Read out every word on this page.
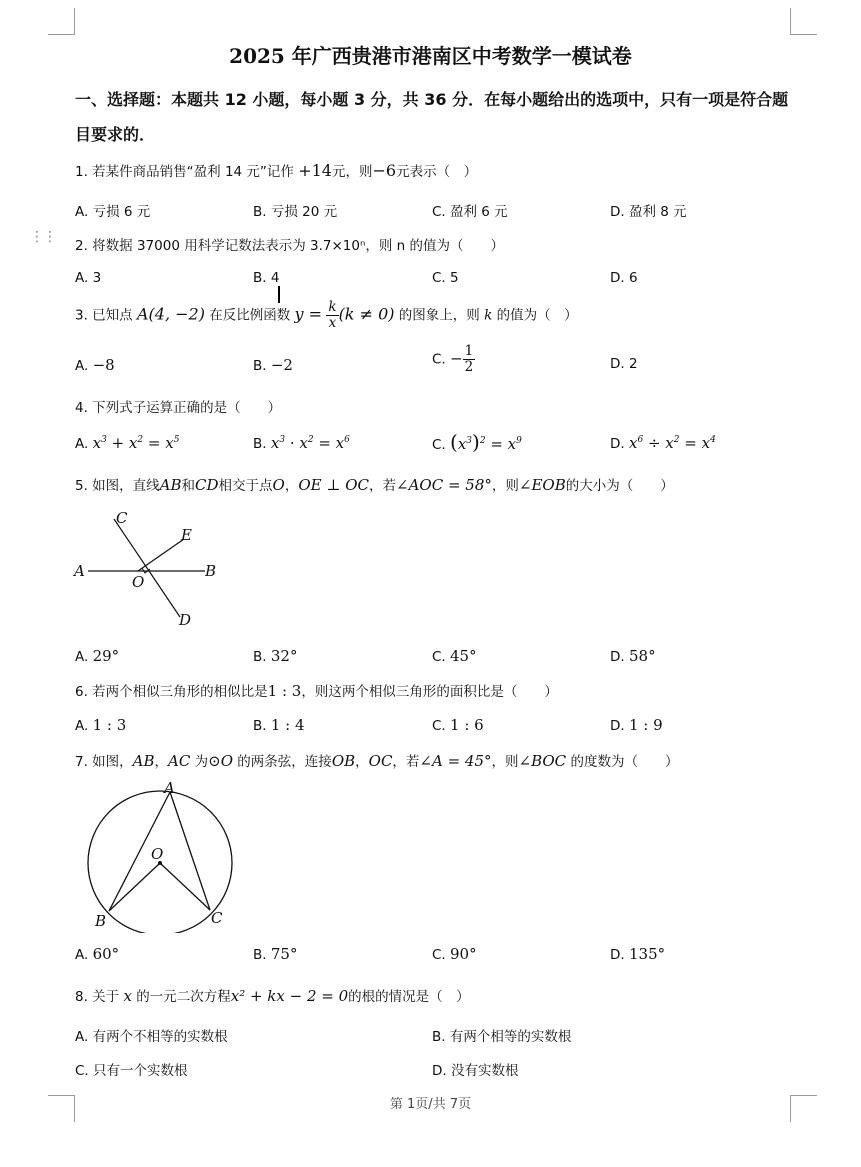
⋮⋮
2025 年广西贵港市港南区中考数学一模试卷
一、选择题：本题共 12 小题，每小题 3 分，共 36 分．在每小题给出的选项中，只有一项是符合题目要求的．
1. 若某件商品销售“盈利 14 元”记作 +14元，则−6元表示（　）
A. 亏损 6 元	B. 亏损 20 元	C. 盈利 6 元	D. 盈利 8 元
2. 将数据 37000 用科学记数法表示为 3.7×10ⁿ，则 n 的值为（　　）
A. 3	B. 4	C. 5	D. 6
3. 已知点 A(4, −2) 在反比例函数 $y = \frac{k}{x} (k \ne 0)$ 的图象上，则 k 的值为（　）
A. −8	B. −2	C. − $\frac{1}{2}$	D. 2
4. 下列式子运算正确的是（　　）
A. $x^3 + x^2 = x^5$	B. $x^3 \cdot x^2 = x^6$	C. $(x^3)^2 = x^9$	D. $x^6 \div x^2 = x^4$
5. 如图，直线AB和CD相交于点O，OE ⊥ OC，若∠AOC = 58°，则∠EOB的大小为（　　）
C
E
A	B
O
D
A. 29°	B. 32°	C. 45°	D. 58°
6. 若两个相似三角形的相似比是1 : 3，则这两个相似三角形的面积比是（　　）
A. 1 : 3	B. 1 : 4	C. 1 : 6	D. 1 : 9
7. 如图，AB，AC 为⊙O 的两条弦，连接OB，OC，若∠A = 45°，则∠BOC 的度数为（　　）
A
O
B	C
A. 60°	B. 75°	C. 90°	D. 135°
8. 关于 x 的一元二次方程x² + kx − 2 = 0的根的情况是（　）
A. 有两个不相等的实数根	B. 有两个相等的实数根
C. 只有一个实数根	D. 没有实数根
第 1页/共 7页
